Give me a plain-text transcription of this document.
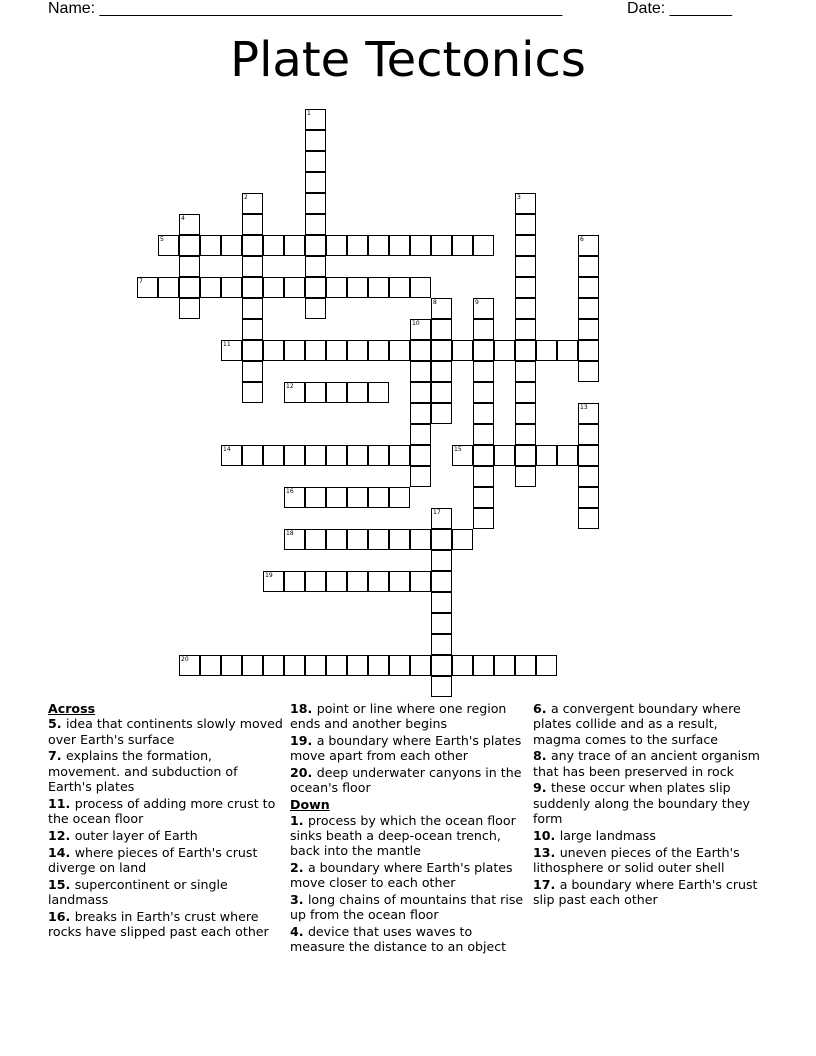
Name: ____________________________________________________	Date: _______
Plate Tectonics
1
2	3
4
5	6
7
8	9
10
11
12
13
14	15
16
17
18
19
20
Across
5. idea that continents slowly moved over Earth's surface
7. explains the formation, movement. and subduction of Earth's plates
11. process of adding more crust to the ocean floor
12. outer layer of Earth
14. where pieces of Earth's crust diverge on land
15. supercontinent or single landmass
16. breaks in Earth's crust where rocks have slipped past each other
18. point or line where one region ends and another begins
19. a boundary where Earth's plates move apart from each other
20. deep underwater canyons in the ocean's floor
Down
1. process by which the ocean floor sinks beath a deep-ocean trench, back into the mantle
2. a boundary where Earth's plates move closer to each other
3. long chains of mountains that rise up from the ocean floor
4. device that uses waves to measure the distance to an object
6. a convergent boundary where plates collide and as a result, magma comes to the surface
8. any trace of an ancient organism that has been preserved in rock
9. these occur when plates slip suddenly along the boundary they form
10. large landmass
13. uneven pieces of the Earth's lithosphere or solid outer shell
17. a boundary where Earth's crust slip past each other
